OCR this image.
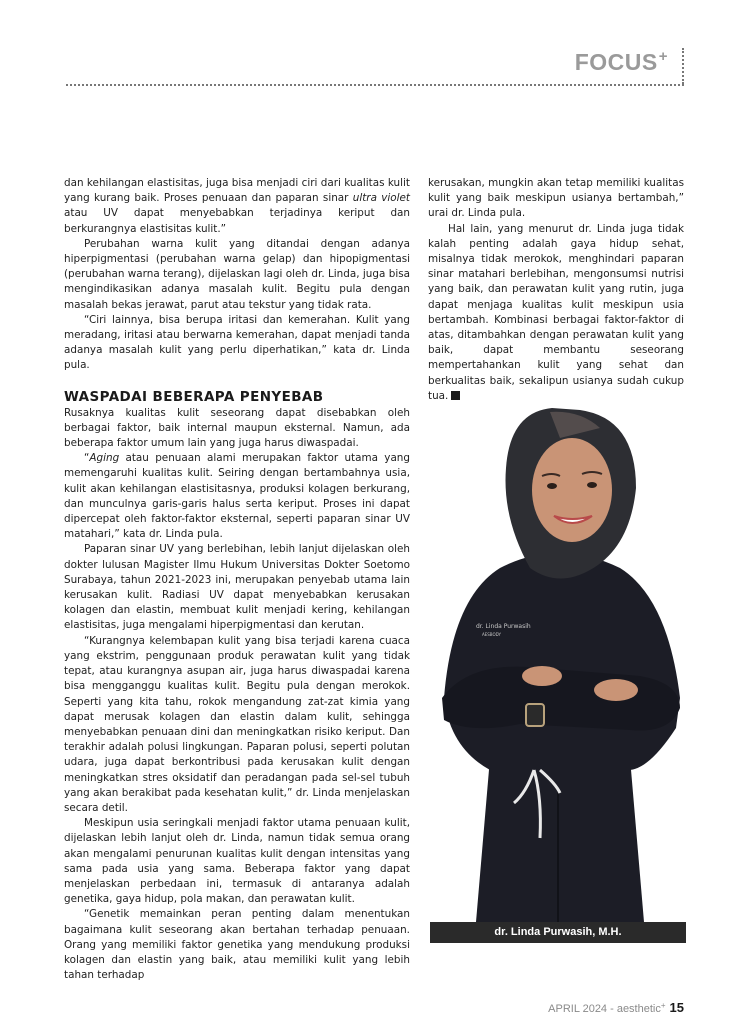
FOCUS+

dan kehilangan elastisitas, juga bisa menjadi ciri dari kualitas kulit yang kurang baik. Proses penuaan dan paparan sinar ultra violet atau UV dapat menyebabkan terjadinya keriput dan berkurangnya elastisitas kulit.”

Perubahan warna kulit yang ditandai dengan adanya hiperpigmentasi (perubahan warna gelap) dan hipopigmentasi (perubahan warna terang), dijelaskan lagi oleh dr. Linda, juga bisa mengindikasikan adanya masalah kulit. Begitu pula dengan masalah bekas jerawat, parut atau tekstur yang tidak rata.

“Ciri lainnya, bisa berupa iritasi dan kemerahan. Kulit yang meradang, iritasi atau berwarna kemerahan, dapat menjadi tanda adanya masalah kulit yang perlu diperhatikan,” kata dr. Linda pula.

WASPADAI BEBERAPA PENYEBAB

Rusaknya kualitas kulit seseorang dapat disebabkan oleh berbagai faktor, baik internal maupun eksternal. Namun, ada beberapa faktor umum lain yang juga harus diwaspadai.

“Aging atau penuaan alami merupakan faktor utama yang memengaruhi kualitas kulit. Seiring dengan bertambahnya usia, kulit akan kehilangan elastisitasnya, produksi kolagen berkurang, dan munculnya garis-garis halus serta keriput. Proses ini dapat dipercepat oleh faktor-faktor eksternal, seperti paparan sinar UV matahari,” kata dr. Linda pula.

Paparan sinar UV yang berlebihan, lebih lanjut dijelaskan oleh dokter lulusan Magister Ilmu Hukum Universitas Dokter Soetomo Surabaya, tahun 2021-2023 ini, merupakan penyebab utama lain kerusakan kulit. Radiasi UV dapat menyebabkan kerusakan kolagen dan elastin, membuat kulit menjadi kering, kehilangan elastisitas, juga mengalami hiperpigmentasi dan kerutan.

“Kurangnya kelembapan kulit yang bisa terjadi karena cuaca yang ekstrim, penggunaan produk perawatan kulit yang tidak tepat, atau kurangnya asupan air, juga harus diwaspadai karena bisa mengganggu kualitas kulit. Begitu pula dengan merokok. Seperti yang kita tahu, rokok mengandung zat-zat kimia yang dapat merusak kolagen dan elastin dalam kulit, sehingga menyebabkan penuaan dini dan meningkatkan risiko keriput. Dan terakhir adalah polusi lingkungan. Paparan polusi, seperti polutan udara, juga dapat berkontribusi pada kerusakan kulit dengan meningkatkan stres oksidatif dan peradangan pada sel-sel tubuh yang akan berakibat pada kesehatan kulit,” dr. Linda menjelaskan secara detil.

Meskipun usia seringkali menjadi faktor utama penuaan kulit, dijelaskan lebih lanjut oleh dr. Linda, namun tidak semua orang akan mengalami penurunan kualitas kulit dengan intensitas yang sama pada usia yang sama. Beberapa faktor yang dapat menjelaskan perbedaan ini, termasuk di antaranya adalah genetika, gaya hidup, pola makan, dan perawatan kulit.

“Genetik memainkan peran penting dalam menentukan bagaimana kulit seseorang akan bertahan terhadap penuaan. Orang yang memiliki faktor genetika yang mendukung produksi kolagen dan elastin yang baik, atau memiliki kulit yang lebih tahan terhadap

kerusakan, mungkin akan tetap memiliki kualitas kulit yang baik meskipun usianya bertambah,” urai dr. Linda pula.

Hal lain, yang menurut dr. Linda juga tidak kalah penting adalah gaya hidup sehat, misalnya tidak merokok, menghindari paparan sinar matahari berlebihan, mengonsumsi nutrisi yang baik, dan perawatan kulit yang rutin, juga dapat menjaga kualitas kulit meskipun usia bertambah. Kombinasi berbagai faktor-faktor di atas, ditambahkan dengan perawatan kulit yang baik, dapat membantu seseorang mempertahankan kulit yang sehat dan berkualitas baik, sekalipun usianya sudah cukup tua.	a+

dr. Linda Purwasih
AESBODY
dr. Linda Purwasih, M.H.
APRIL 2024 - aesthetic+ 15
